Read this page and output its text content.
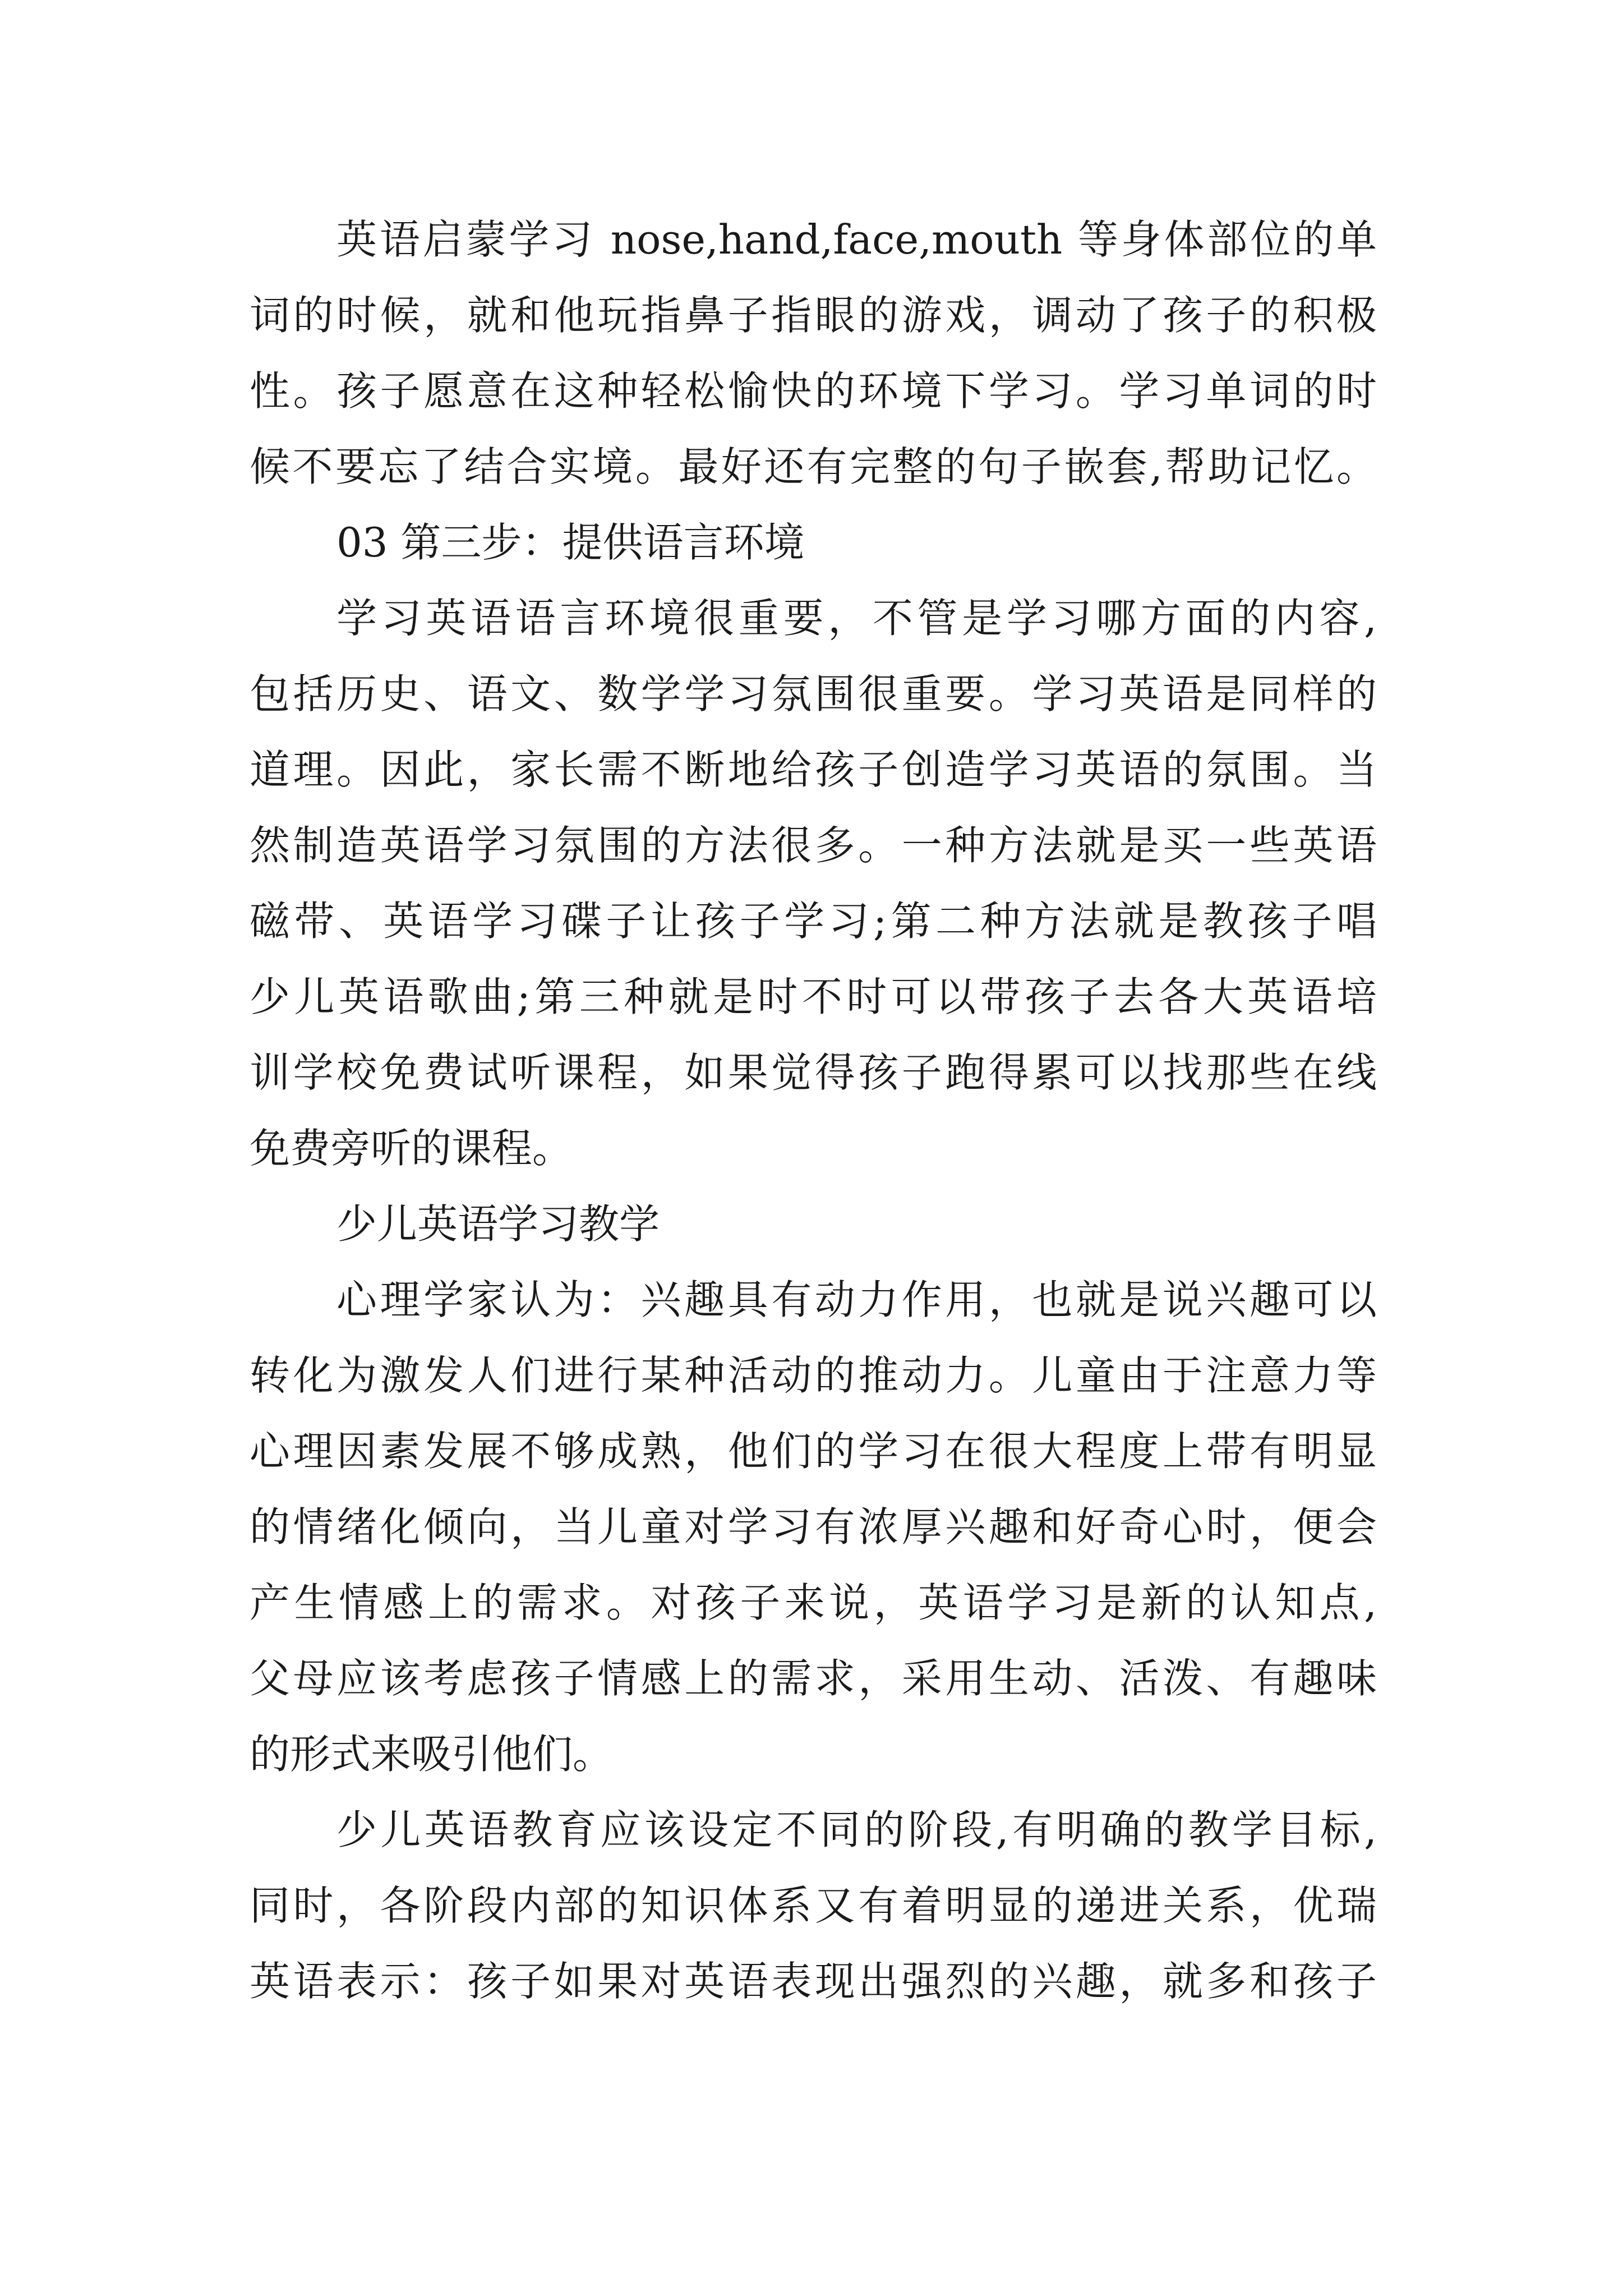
英语启蒙学习 nose,hand,face,mouth 等身体部位的单
词的时候，就和他玩指鼻子指眼的游戏，调动了孩子的积极
性。孩子愿意在这种轻松愉快的环境下学习。学习单词的时
候不要忘了结合实境。最好还有完整的句子嵌套,帮助记忆。
03 第三步：提供语言环境
学习英语语言环境很重要，不管是学习哪方面的内容,
包括历史、语文、数学学习氛围很重要。学习英语是同样的
道理。因此，家长需不断地给孩子创造学习英语的氛围。当
然制造英语学习氛围的方法很多。一种方法就是买一些英语
磁带、英语学习碟子让孩子学习;第二种方法就是教孩子唱
少儿英语歌曲;第三种就是时不时可以带孩子去各大英语培
训学校免费试听课程，如果觉得孩子跑得累可以找那些在线
免费旁听的课程。
少儿英语学习教学
心理学家认为：兴趣具有动力作用，也就是说兴趣可以
转化为激发人们进行某种活动的推动力。儿童由于注意力等
心理因素发展不够成熟，他们的学习在很大程度上带有明显
的情绪化倾向，当儿童对学习有浓厚兴趣和好奇心时，便会
产生情感上的需求。对孩子来说，英语学习是新的认知点,
父母应该考虑孩子情感上的需求，采用生动、活泼、有趣味
的形式来吸引他们。
少儿英语教育应该设定不同的阶段,有明确的教学目标,
同时，各阶段内部的知识体系又有着明显的递进关系，优瑞
英语表示：孩子如果对英语表现出强烈的兴趣，就多和孩子
